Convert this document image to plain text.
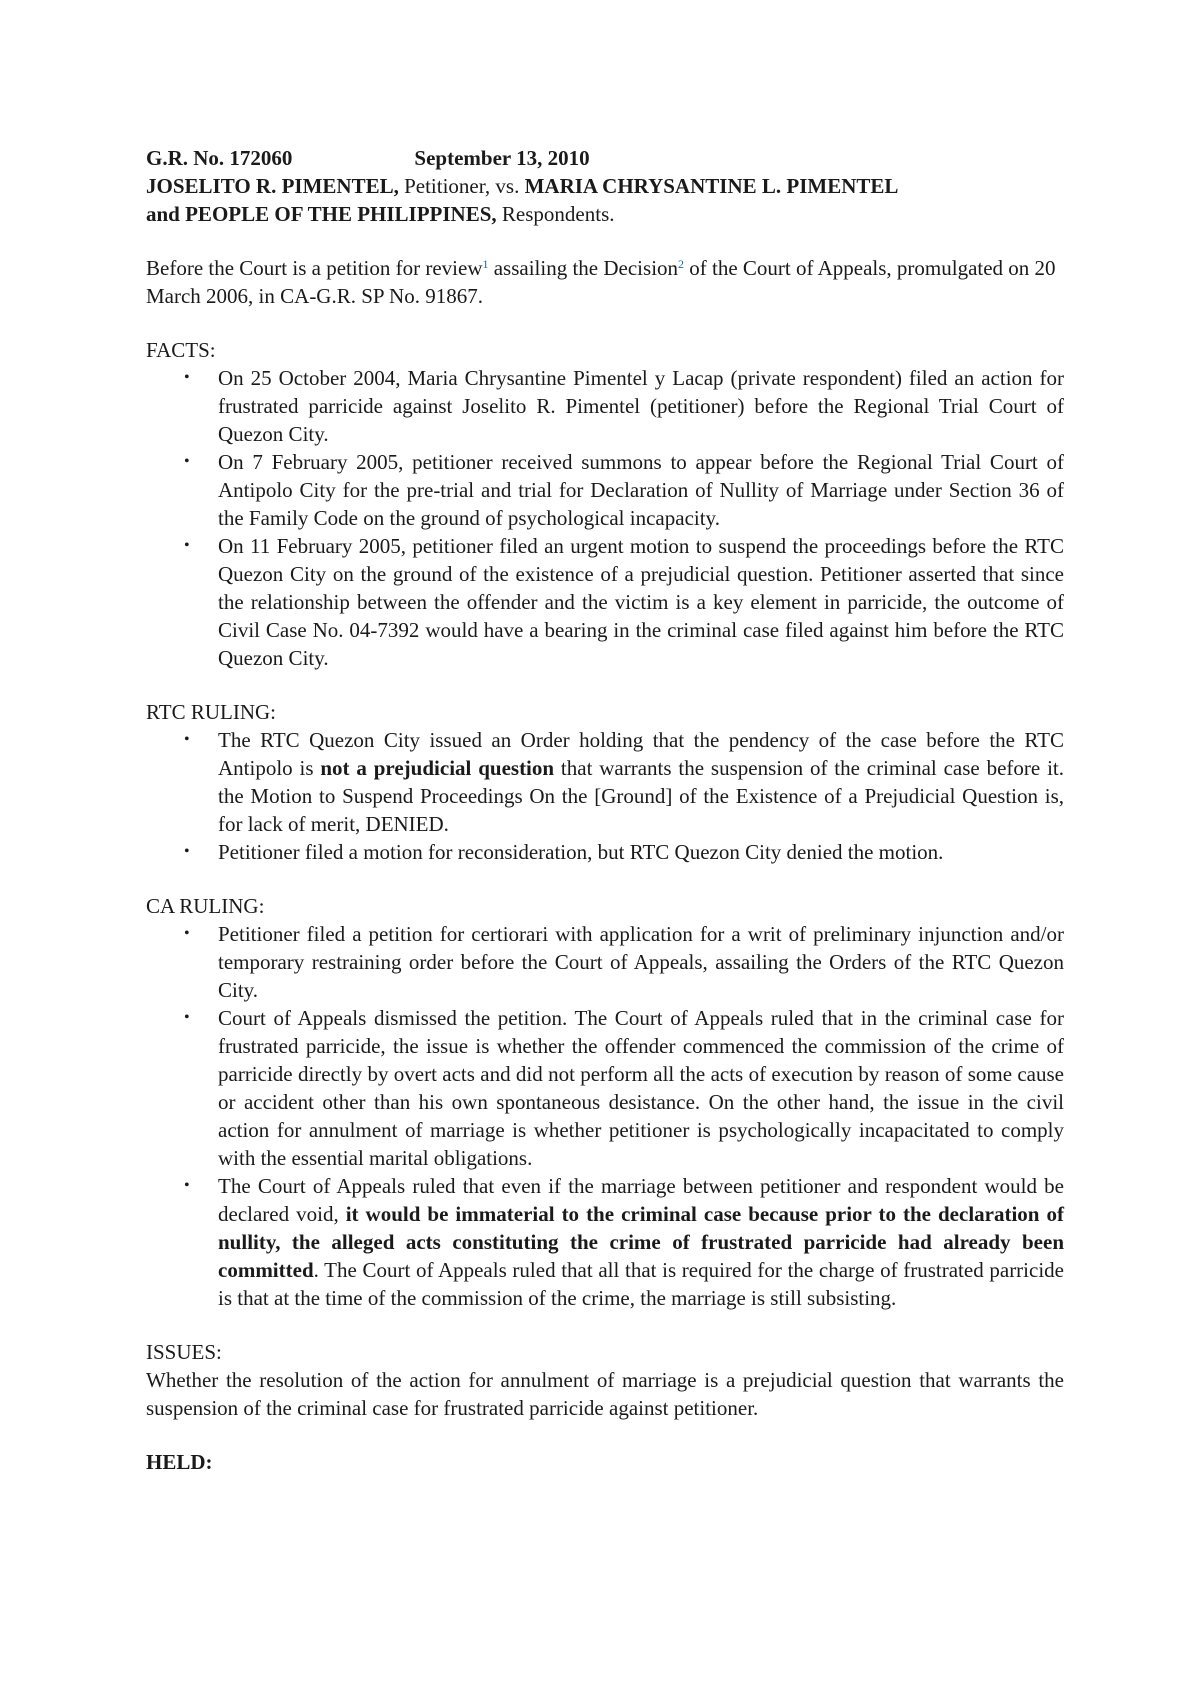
G.R. No. 172060	September 13, 2010

JOSELITO R. PIMENTEL, Petitioner, vs. MARIA CHRYSANTINE L. PIMENTEL
and PEOPLE OF THE PHILIPPINES, Respondents.

Before the Court is a petition for review$^1$ assailing the Decision$^2$ of the Court of Appeals, promulgated on 20 March 2006, in CA-G.R. SP No. 91867.

FACTS:

• On 25 October 2004, Maria Chrysantine Pimentel y Lacap (private respondent) filed an action for frustrated parricide against Joselito R. Pimentel (petitioner) before the Regional Trial Court of Quezon City.
• On 7 February 2005, petitioner received summons to appear before the Regional Trial Court of Antipolo City for the pre-trial and trial for Declaration of Nullity of Marriage under Section 36 of the Family Code on the ground of psychological incapacity.
• On 11 February 2005, petitioner filed an urgent motion to suspend the proceedings before the RTC Quezon City on the ground of the existence of a prejudicial question. Petitioner asserted that since the relationship between the offender and the victim is a key element in parricide, the outcome of Civil Case No. 04-7392 would have a bearing in the criminal case filed against him before the RTC Quezon City.

RTC RULING:

• The RTC Quezon City issued an Order holding that the pendency of the case before the RTC Antipolo is not a prejudicial question that warrants the suspension of the criminal case before it. the Motion to Suspend Proceedings On the [Ground] of the Existence of a Prejudicial Question is, for lack of merit, DENIED.
• Petitioner filed a motion for reconsideration, but RTC Quezon City denied the motion.

CA RULING:

• Petitioner filed a petition for certiorari with application for a writ of preliminary injunction and/or temporary restraining order before the Court of Appeals, assailing the Orders of the RTC Quezon City.
• Court of Appeals dismissed the petition. The Court of Appeals ruled that in the criminal case for frustrated parricide, the issue is whether the offender commenced the commission of the crime of parricide directly by overt acts and did not perform all the acts of execution by reason of some cause or accident other than his own spontaneous desistance. On the other hand, the issue in the civil action for annulment of marriage is whether petitioner is psychologically incapacitated to comply with the essential marital obligations.
• The Court of Appeals ruled that even if the marriage between petitioner and respondent would be declared void, it would be immaterial to the criminal case because prior to the declaration of nullity, the alleged acts constituting the crime of frustrated parricide had already been committed. The Court of Appeals ruled that all that is required for the charge of frustrated parricide is that at the time of the commission of the crime, the marriage is still subsisting.

ISSUES:

Whether the resolution of the action for annulment of marriage is a prejudicial question that warrants the suspension of the criminal case for frustrated parricide against petitioner.

HELD:
